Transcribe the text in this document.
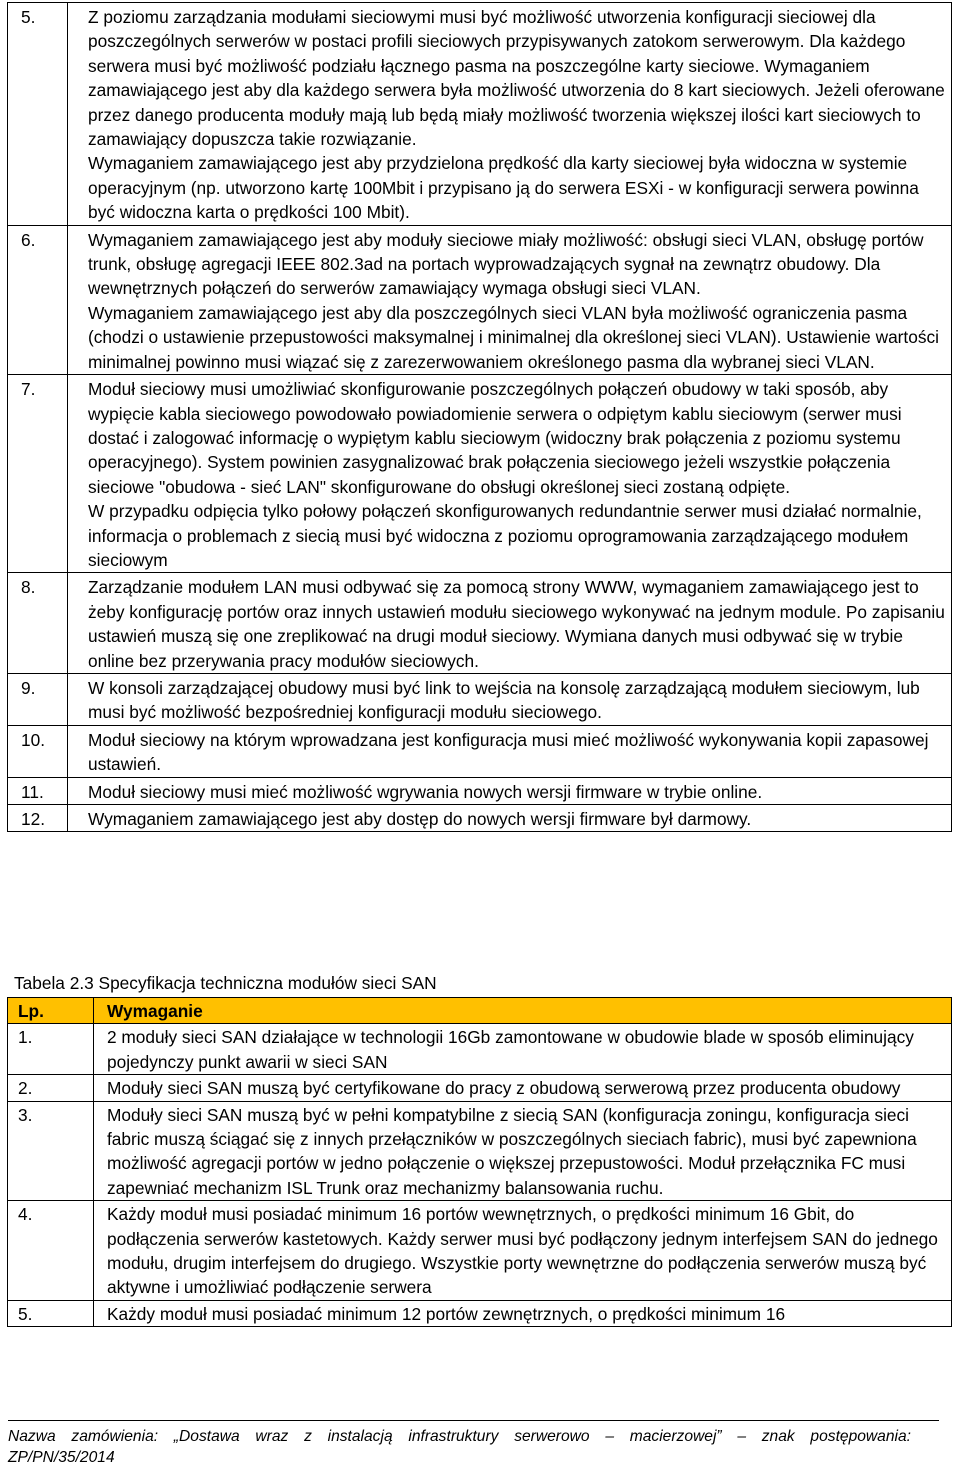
5.	Z poziomu zarządzania modułami sieciowymi musi być możliwość utworzenia konfiguracji sieciowej dla poszczególnych serwerów w postaci profili sieciowych przypisywanych zatokom serwerowym. Dla każdego serwera musi być możliwość podziału łącznego pasma na poszczególne karty sieciowe. Wymaganiem zamawiającego jest aby dla każdego serwera była możliwość utworzenia do 8 kart sieciowych. Jeżeli oferowane przez danego producenta moduły mają lub będą miały możliwość tworzenia większej ilości kart sieciowych to zamawiający dopuszcza takie rozwiązanie.
Wymaganiem zamawiającego jest aby przydzielona prędkość dla karty sieciowej była widoczna w systemie operacyjnym (np. utworzono kartę 100Mbit i przypisano ją do serwera ESXi - w konfiguracji serwera powinna być widoczna karta o prędkości 100 Mbit).

6.	Wymaganiem zamawiającego jest aby moduły sieciowe miały możliwość: obsługi sieci VLAN, obsługę portów trunk, obsługę agregacji IEEE 802.3ad na portach wyprowadzających sygnał na zewnątrz obudowy. Dla wewnętrznych połączeń do serwerów zamawiający wymaga obsługi sieci VLAN.
Wymaganiem zamawiającego jest aby dla poszczególnych sieci VLAN była możliwość ograniczenia pasma (chodzi o ustawienie przepustowości maksymalnej i minimalnej dla określonej sieci VLAN). Ustawienie wartości minimalnej powinno musi wiązać się z zarezerwowaniem określonego pasma dla wybranej sieci VLAN.

7.	Moduł sieciowy musi umożliwiać skonfigurowanie poszczególnych połączeń obudowy w taki sposób, aby wypięcie kabla sieciowego powodowało powiadomienie serwera o odpiętym kablu sieciowym (serwer musi dostać i zalogować informację o wypiętym kablu sieciowym (widoczny brak połączenia z poziomu systemu operacyjnego). System powinien zasygnalizować brak połączenia sieciowego jeżeli wszystkie połączenia sieciowe "obudowa - sieć LAN" skonfigurowane do obsługi określonej sieci zostaną odpięte.
W przypadku odpięcia tylko połowy połączeń skonfigurowanych redundantnie serwer musi działać normalnie, informacja o problemach z siecią musi być widoczna z poziomu oprogramowania zarządzającego modułem sieciowym

8.	Zarządzanie modułem LAN musi odbywać się za pomocą strony WWW, wymaganiem zamawiającego jest to żeby konfigurację portów oraz innych ustawień modułu sieciowego wykonywać na jednym module. Po zapisaniu ustawień muszą się one zreplikować na drugi moduł sieciowy. Wymiana danych musi odbywać się w trybie online bez przerywania pracy modułów sieciowych.

9.	W konsoli zarządzającej obudowy musi być link to wejścia na konsolę zarządzającą modułem sieciowym, lub musi być możliwość bezpośredniej konfiguracji modułu sieciowego.

10.	Moduł sieciowy na którym wprowadzana jest konfiguracja musi mieć możliwość wykonywania kopii zapasowej ustawień.

11.	Moduł sieciowy musi mieć możliwość wgrywania nowych wersji firmware w trybie online.

12.	Wymaganiem zamawiającego jest aby dostęp do nowych wersji firmware był darmowy.
Tabela 2.3 Specyfikacja techniczna modułów sieci SAN
Lp.	Wymaganie
1.	2 moduły sieci SAN działające w technologii 16Gb zamontowane w obudowie blade w sposób eliminujący pojedynczy punkt awarii w sieci SAN
2.	Moduły sieci SAN muszą być certyfikowane do pracy z obudową serwerową przez producenta obudowy
3.	Moduły sieci SAN muszą być w pełni kompatybilne z siecią SAN (konfiguracja zoningu, konfiguracja sieci fabric muszą ściągać się z innych przełączników w poszczególnych sieciach fabric), musi być zapewniona możliwość agregacji portów w jedno połączenie o większej przepustowości. Moduł przełącznika FC musi zapewniać mechanizm ISL Trunk oraz mechanizmy balansowania ruchu.
4.	Każdy moduł musi posiadać minimum 16 portów wewnętrznych, o prędkości minimum 16 Gbit, do podłączenia serwerów kastetowych. Każdy serwer musi być podłączony jednym interfejsem SAN do jednego modułu, drugim interfejsem do drugiego. Wszystkie porty wewnętrzne do podłączenia serwerów muszą być aktywne i umożliwiać podłączenie serwera
5.	Każdy moduł musi posiadać minimum 12 portów zewnętrznych, o prędkości minimum 16
Nazwa zamówienia: „Dostawa wraz z instalacją infrastruktury serwerowo – macierzowej” – znak postępowania:
ZP/PN/35/2014
